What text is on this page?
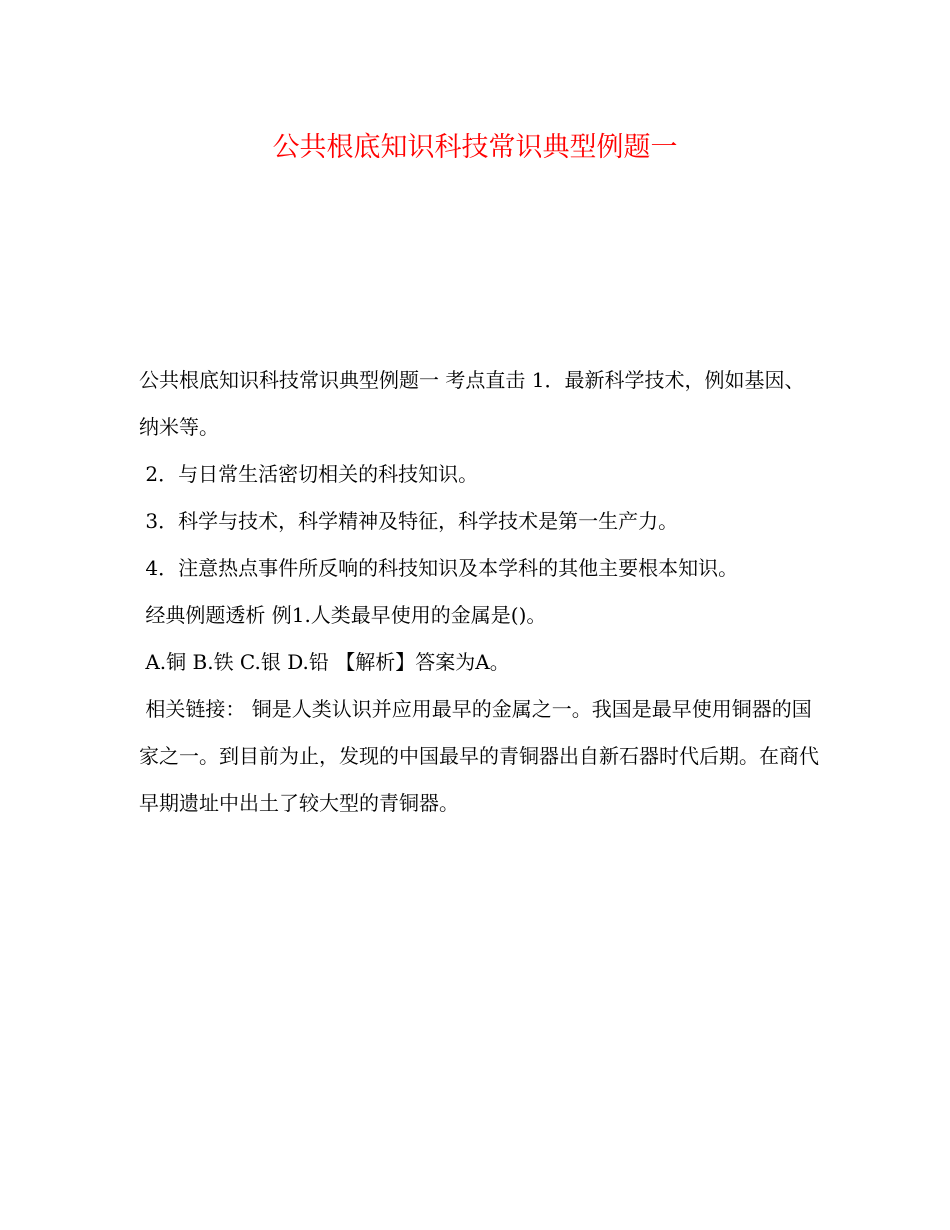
公共根底知识科技常识典型例题一

公共根底知识科技常识典型例题一 考点直击 1．最新科学技术，例如基因、纳米等。

2．与日常生活密切相关的科技知识。

3．科学与技术，科学精神及特征，科学技术是第一生产力。

4．注意热点事件所反响的科技知识及本学科的其他主要根本知识。

经典例题透析 例1.人类最早使用的金属是()。

A.铜 B.铁 C.银 D.铅 【解析】答案为A。

相关链接： 铜是人类认识并应用最早的金属之一。我国是最早使用铜器的国家之一。到目前为止，发现的中国最早的青铜器出自新石器时代后期。在商代早期遗址中出土了较大型的青铜器。
